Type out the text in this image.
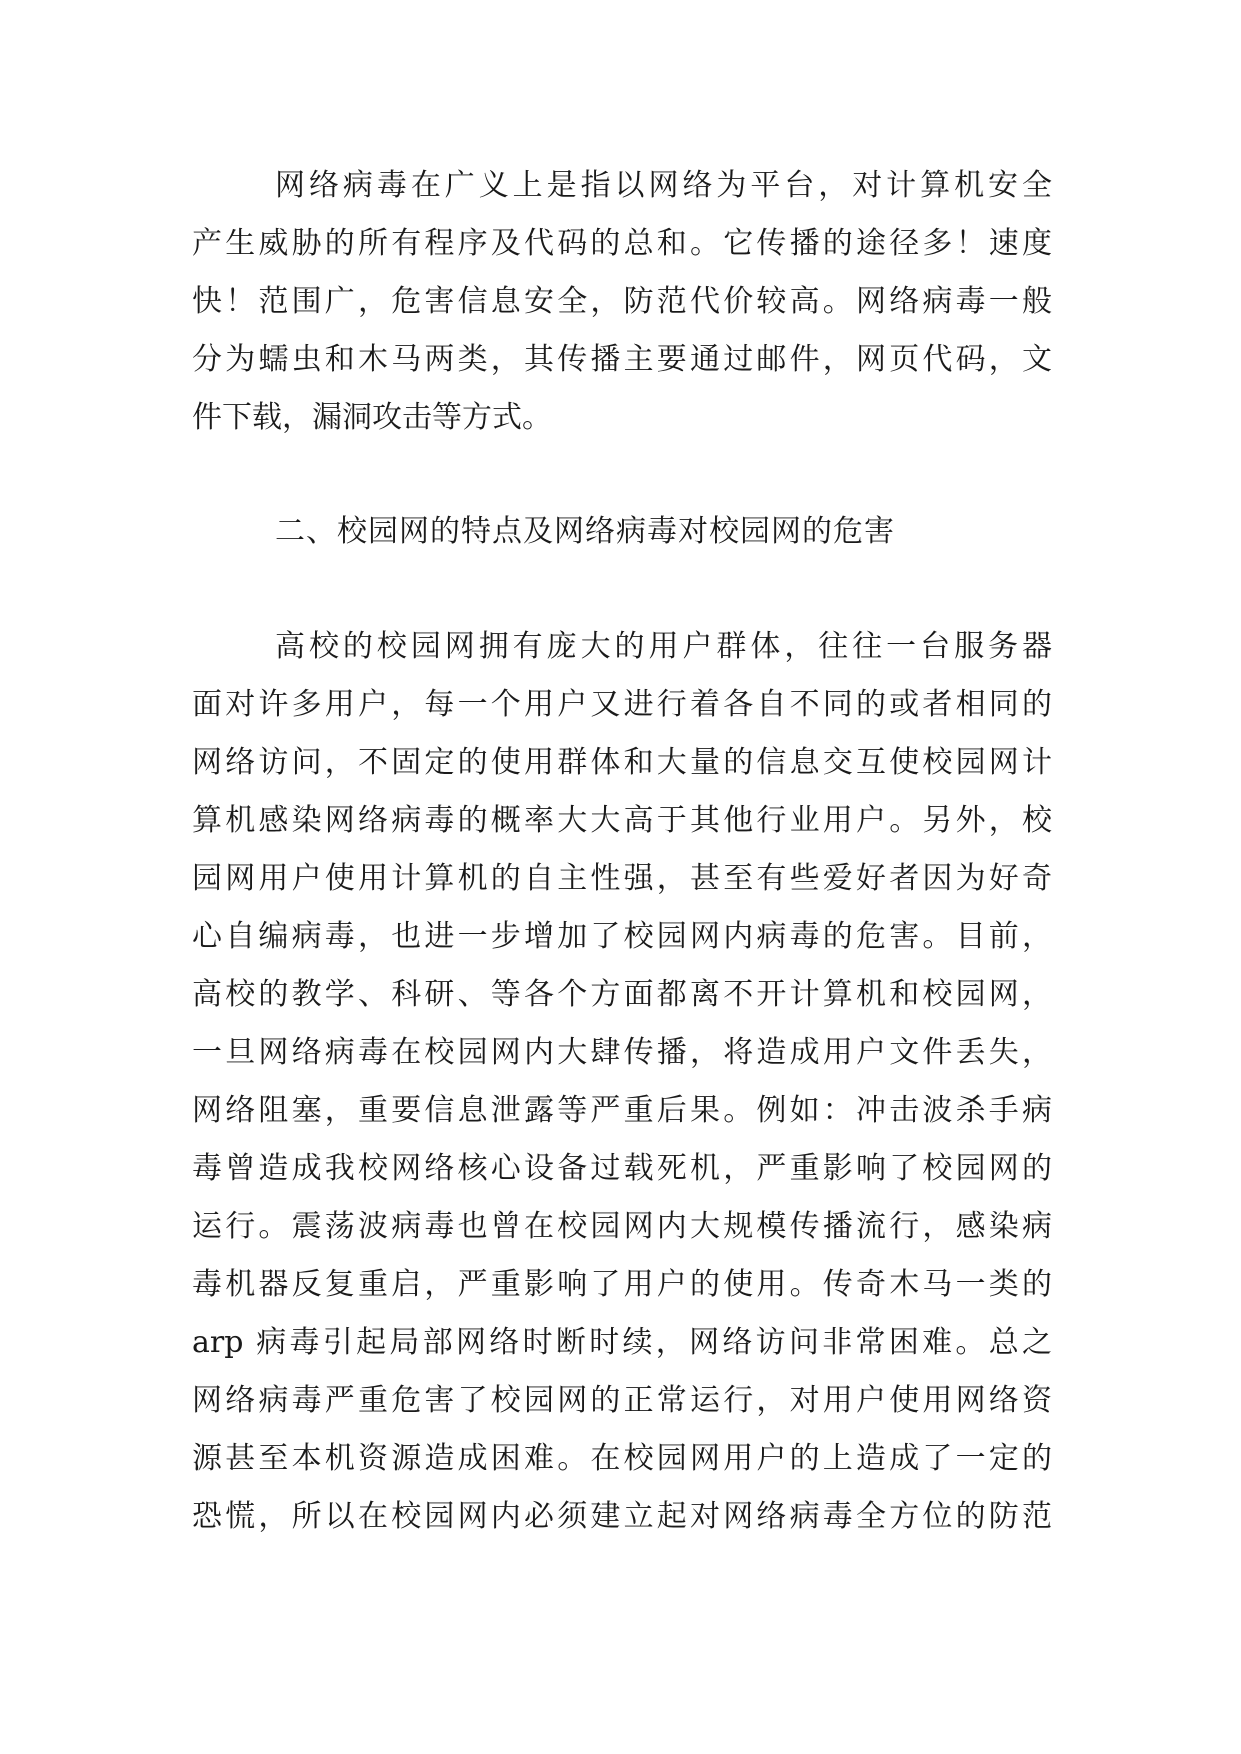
网络病毒在广义上是指以网络为平台，对计算机安全
产生威胁的所有程序及代码的总和。它传播的途径多！速度
快！范围广，危害信息安全，防范代价较高。网络病毒一般
分为蠕虫和木马两类，其传播主要通过邮件，网页代码，文
件下载，漏洞攻击等方式。
二、校园网的特点及网络病毒对校园网的危害
高校的校园网拥有庞大的用户群体，往往一台服务器
面对许多用户，每一个用户又进行着各自不同的或者相同的
网络访问，不固定的使用群体和大量的信息交互使校园网计
算机感染网络病毒的概率大大高于其他行业用户。另外，校
园网用户使用计算机的自主性强，甚至有些爱好者因为好奇
心自编病毒，也进一步增加了校园网内病毒的危害。目前，
高校的教学、科研、等各个方面都离不开计算机和校园网，
一旦网络病毒在校园网内大肆传播，将造成用户文件丢失，
网络阻塞，重要信息泄露等严重后果。例如：冲击波杀手病
毒曾造成我校网络核心设备过载死机，严重影响了校园网的
运行。震荡波病毒也曾在校园网内大规模传播流行，感染病
毒机器反复重启，严重影响了用户的使用。传奇木马一类的
arp 病毒引起局部网络时断时续，网络访问非常困难。总之
网络病毒严重危害了校园网的正常运行，对用户使用网络资
源甚至本机资源造成困难。在校园网用户的上造成了一定的
恐慌，所以在校园网内必须建立起对网络病毒全方位的防范
